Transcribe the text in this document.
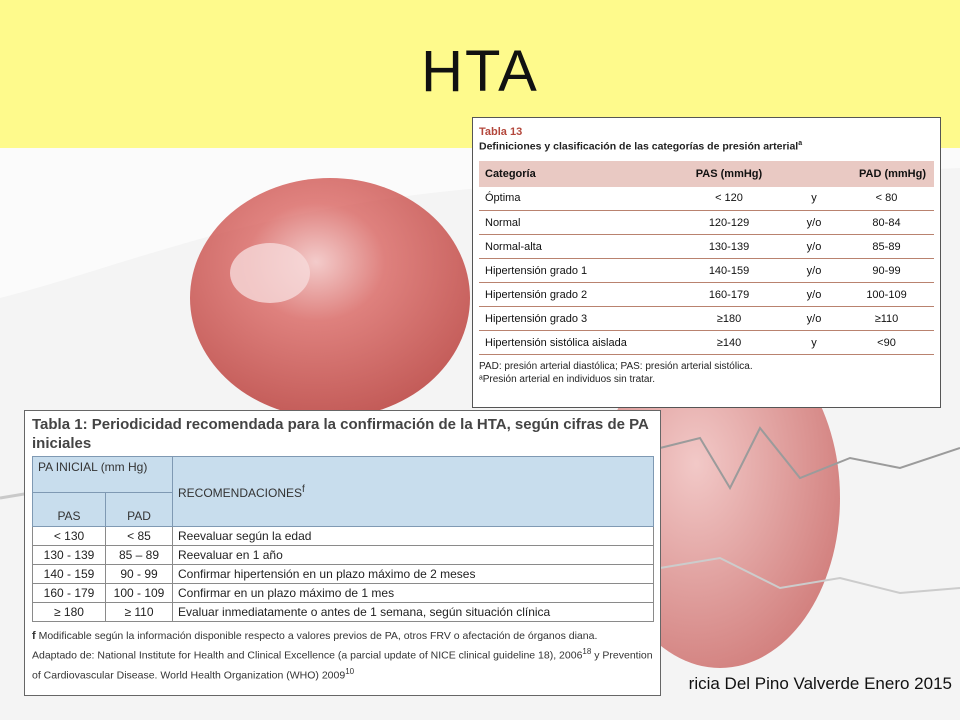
HTA
Tabla 13
Definiciones y clasificación de las categorías de presión arterial$^a$
Categoría	PAS (mmHg)		PAD (mmHg)
Óptima	< 120	y	< 80
Normal	120-129	y/o	80-84
Normal-alta	130-139	y/o	85-89
Hipertensión grado 1	140-159	y/o	90-99
Hipertensión grado 2	160-179	y/o	100-109
Hipertensión grado 3	≥180	y/o	≥110
Hipertensión sistólica aislada	≥140	y	<90
PAD: presión arterial diastólica; PAS: presión arterial sistólica.
ᵃPresión arterial en individuos sin tratar.
Tabla 1: Periodicidad recomendada para la confirmación de la HTA, según cifras de PA iniciales
PA INICIAL (mm Hg)		RECOMENDACIONES$^f$
PAS	PAD	
< 130	< 85	Reevaluar según la edad
130 - 139	85 – 89	Reevaluar en 1 año
140 - 159	90 - 99	Confirmar hipertensión en un plazo máximo de 2 meses
160 - 179	100 - 109	Confirmar en un plazo máximo de 1 mes
≥ 180	≥ 110	Evaluar inmediatamente o antes de 1 semana, según situación clínica
f Modificable según la información disponible respecto a valores previos de PA, otros FRV o afectación de órganos diana.
Adaptado de: National Institute for Health and Clinical Excellence (a parcial update of NICE clinical guideline 18), 2006$^{18}$ y Prevention of Cardiovascular Disease. World Health Organization (WHO) 2009$^{10}$
ricia Del Pino Valverde Enero 2015
